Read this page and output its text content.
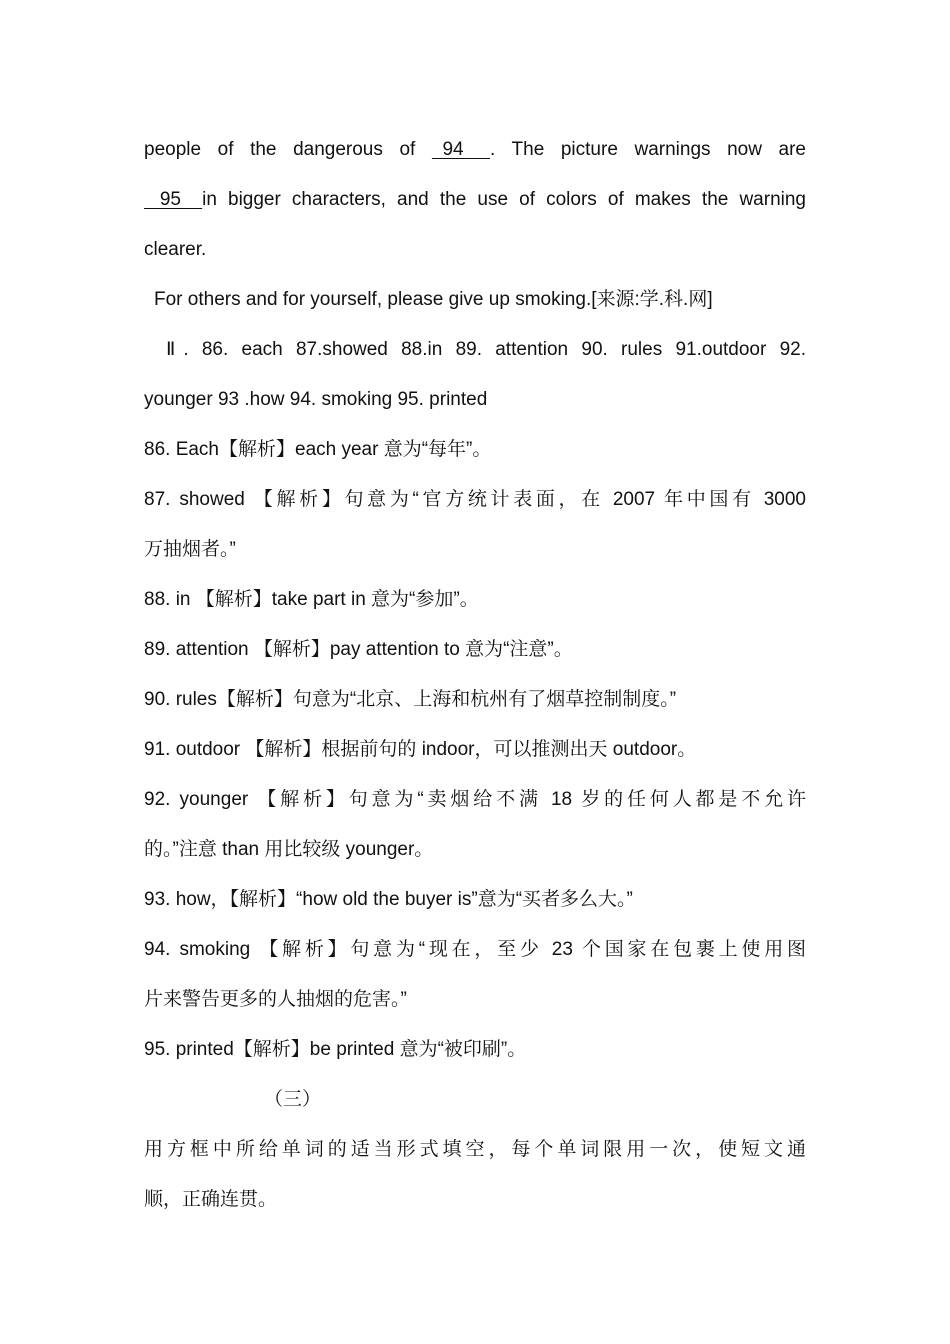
people of the dangerous of   94     . The picture warnings now are
95    in bigger characters, and the use of colors of makes the warning
clearer.
For others and for yourself, please give up smoking.[来源:学.科.网]
Ⅱ. 86. each 87.showed 88.in 89. attention 90. rules 91.outdoor 92.
younger 93 .how 94. smoking 95. printed
86. Each【解析】each year 意为“每年”。
87. showed 【解析】句意为“官方统计表面，在 2007 年中国有 3000
万抽烟者。”
88. in 【解析】take part in 意为“参加”。
89. attention 【解析】pay attention to 意为“注意”。
90. rules【解析】句意为“北京、上海和杭州有了烟草控制制度。”
91. outdoor 【解析】根据前句的 indoor，可以推测出天 outdoor。
92. younger 【解析】句意为“卖烟给不满 18 岁的任何人都是不允许
的。”注意 than 用比较级 younger。
93. how，【解析】“how old the buyer is”意为“买者多么大。”
94. smoking 【解析】句意为“现在，至少 23 个国家在包裹上使用图
片来警告更多的人抽烟的危害。”
95. printed【解析】be printed 意为“被印刷”。
（三）
用方框中所给单词的适当形式填空，每个单词限用一次，使短文通
顺，正确连贯。
